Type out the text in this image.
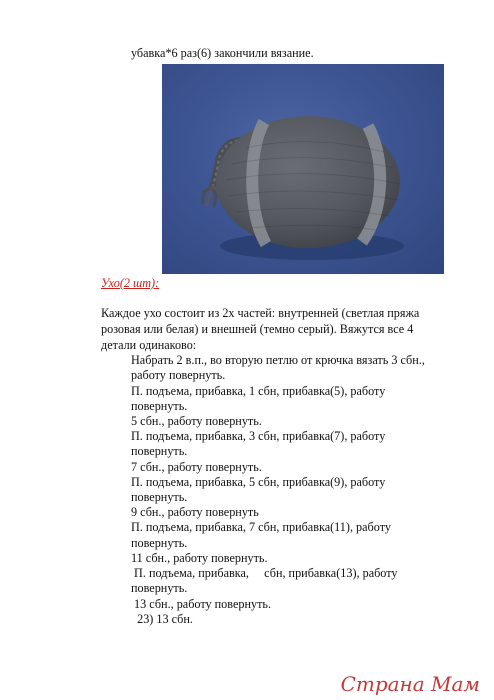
убавка*6 раз(6) закончили вязание.
Ухо(2 шт):
Каждое ухо состоит из 2х частей: внутренней (светлая пряжа
розовая или белая) и внешней (темно серый). Вяжутся все 4
детали одинаково:
Набрать 2 в.п., во вторую петлю от крючка вязать 3 сбн.,
работу повернуть.
П. подъема, прибавка, 1 сбн, прибавка(5), работу
повернуть.
5 сбн., работу повернуть.
П. подъема, прибавка, 3 сбн, прибавка(7), работу
повернуть.
7 сбн., работу повернуть.
П. подъема, прибавка, 5 сбн, прибавка(9), работу
повернуть.
9 сбн., работу повернуть
П. подъема, прибавка, 7 сбн, прибавка(11), работу
повернуть.
11 сбн., работу повернуть.
П. подъема, прибавка,     сбн, прибавка(13), работу
повернуть.
13 сбн., работу повернуть.
23) 13 сбн.
Страна Мам
